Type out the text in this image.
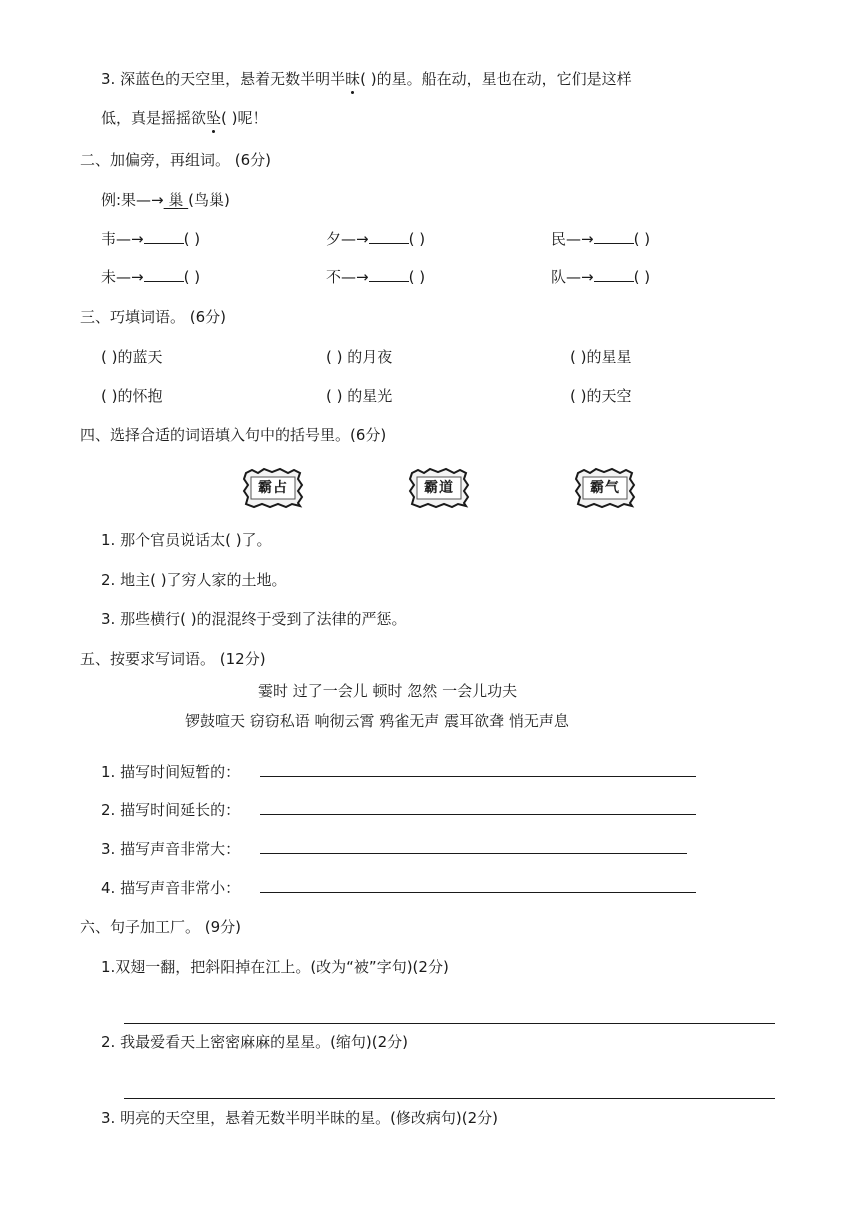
3. 深蓝色的天空里，悬着无数半明半昧( )的星。船在动，星也在动，它们是这样
低，真是摇摇欲坠( )呢！
二、加偏旁，再组词。 (6分)
例:果—→ 巢 (鸟巢)
韦—→	( )	夕—→	( )	民—→	( )
未—→	( )	不—→	( )	队—→	( )
三、巧填词语。 (6分)
( )的蓝天	( ) 的月夜	( )的星星
( )的怀抱	( ) 的星光	( )的天空
四、选择合适的词语填入句中的括号里。(6分)
霸占	霸道	霸气
1. 那个官员说话太( )了。
2. 地主( )了穷人家的土地。
3. 那些横行( )的混混终于受到了法律的严惩。
五、按要求写词语。 (12分)
霎时 过了一会儿 顿时 忽然 一会儿功夫
锣鼓喧天 窃窃私语 响彻云霄 鸦雀无声 震耳欲聋 悄无声息
1. 描写时间短暂的：
2. 描写时间延长的：
3. 描写声音非常大：
4. 描写声音非常小：
六、句子加工厂。 (9分)
1.双翅一翻，把斜阳掉在江上。(改为“被”字句)(2分)
2. 我最爱看天上密密麻麻的星星。(缩句)(2分)
3. 明亮的天空里，悬着无数半明半昧的星。(修改病句)(2分)
